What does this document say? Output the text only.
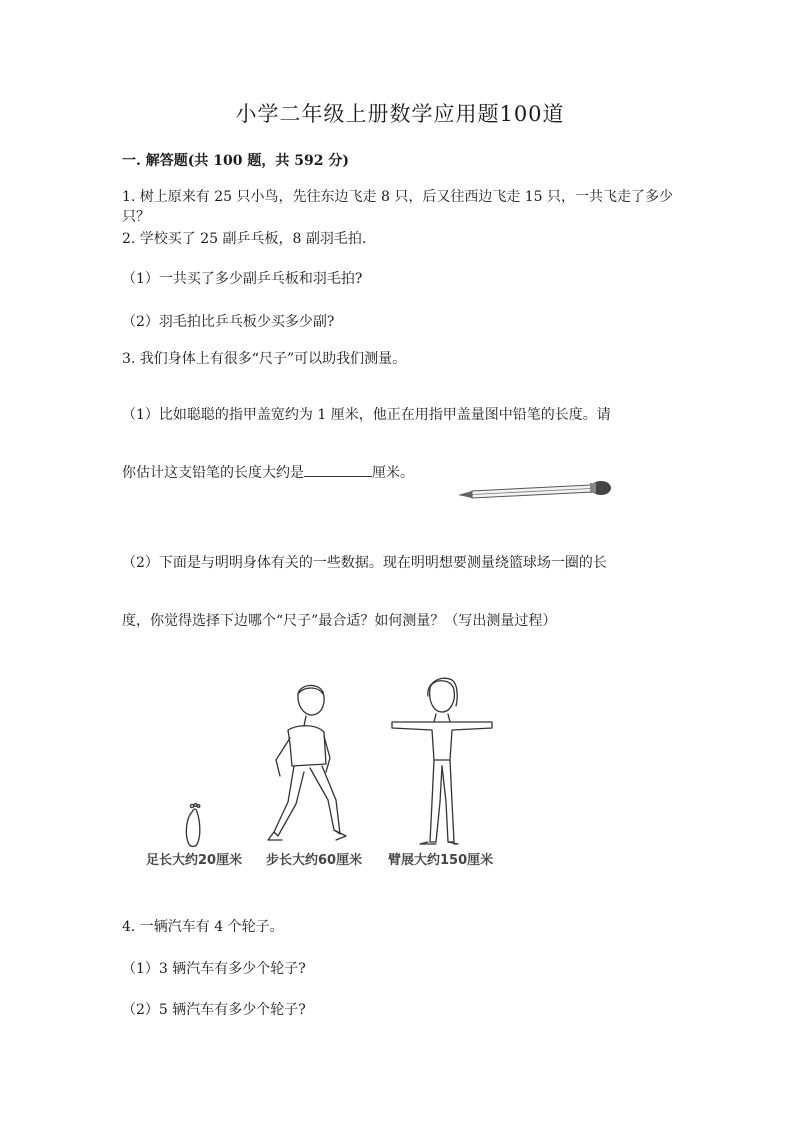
小学二年级上册数学应用题100道
一. 解答题(共 100 题，共 592 分)
1. 树上原来有 25 只小鸟，先往东边飞走 8 只，后又往西边飞走 15 只，一共飞走了多少只？
2. 学校买了 25 副乒乓板，8 副羽毛拍.
（1）一共买了多少副乒乓板和羽毛拍?
（2）羽毛拍比乒乓板少买多少副?
3. 我们身体上有很多“尺子”可以助我们测量。
（1）比如聪聪的指甲盖宽约为 1 厘米，他正在用指甲盖量图中铅笔的长度。请
你估计这支铅笔的长度大约是	厘米。
（2）下面是与明明身体有关的一些数据。现在明明想要测量绕篮球场一圈的长
度，你觉得选择下边哪个“尺子”最合适？如何测量？（写出测量过程）
足长大约20厘米 步长大约60厘米 臂展大约150厘米
4. 一辆汽车有 4 个轮子。
（1）3 辆汽车有多少个轮子?
（2）5 辆汽车有多少个轮子?
